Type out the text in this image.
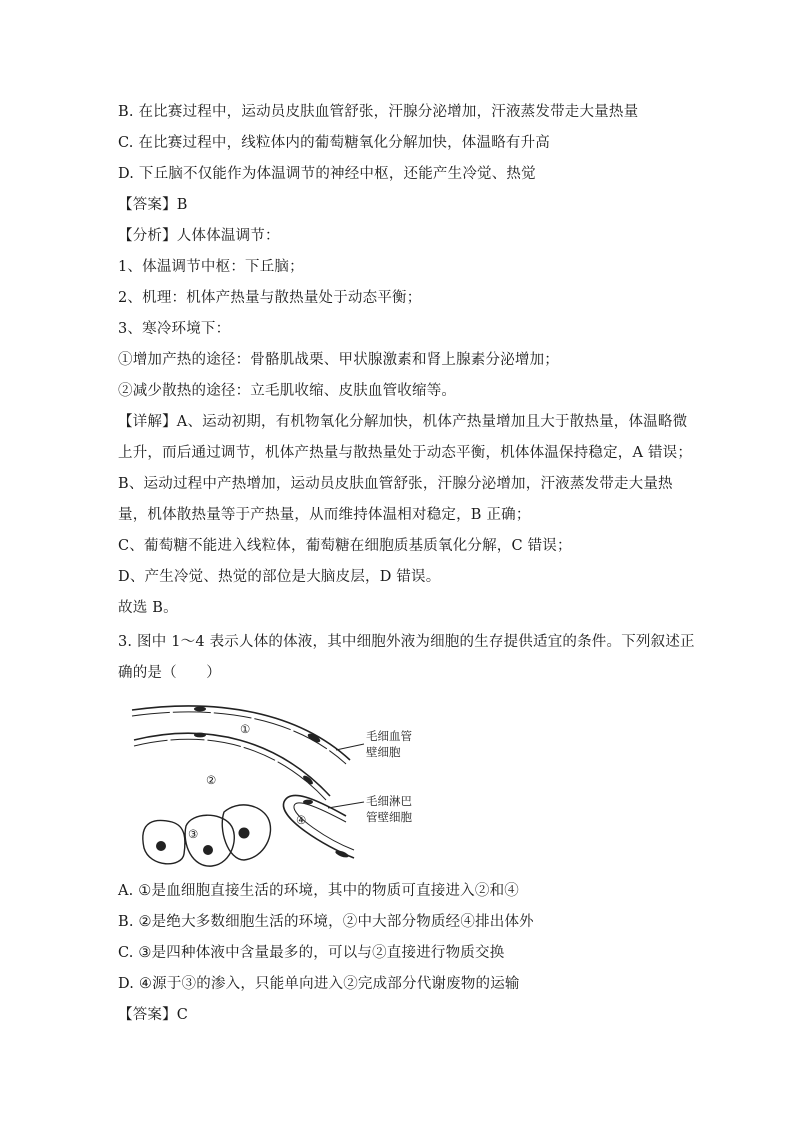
B. 在比赛过程中，运动员皮肤血管舒张，汗腺分泌增加，汗液蒸发带走大量热量
C. 在比赛过程中，线粒体内的葡萄糖氧化分解加快，体温略有升高
D. 下丘脑不仅能作为体温调节的神经中枢，还能产生冷觉、热觉
【答案】B
【分析】人体体温调节：
1、体温调节中枢：下丘脑；
2、机理：机体产热量与散热量处于动态平衡；
3、寒冷环境下：
①增加产热的途径：骨骼肌战栗、甲状腺激素和肾上腺素分泌增加；
②减少散热的途径：立毛肌收缩、皮肤血管收缩等。
【详解】A、运动初期，有机物氧化分解加快，机体产热量增加且大于散热量，体温略微
上升，而后通过调节，机体产热量与散热量处于动态平衡，机体体温保持稳定，A 错误；
B、运动过程中产热增加，运动员皮肤血管舒张，汗腺分泌增加，汗液蒸发带走大量热
量，机体散热量等于产热量，从而维持体温相对稳定，B 正确；
C、葡萄糖不能进入线粒体，葡萄糖在细胞质基质氧化分解，C 错误；
D、产生冷觉、热觉的部位是大脑皮层，D 错误。
故选 B。
3. 图中 1～4 表示人体的体液，其中细胞外液为细胞的生存提供适宜的条件。下列叙述正
确的是（　　）
毛细血管
壁细胞
①
②
③
④
毛细淋巴
管壁细胞
A. ①是血细胞直接生活的环境，其中的物质可直接进入②和④
B. ②是绝大多数细胞生活的环境，②中大部分物质经④排出体外
C. ③是四种体液中含量最多的，可以与②直接进行物质交换
D. ④源于③的渗入，只能单向进入②完成部分代谢废物的运输
【答案】C
